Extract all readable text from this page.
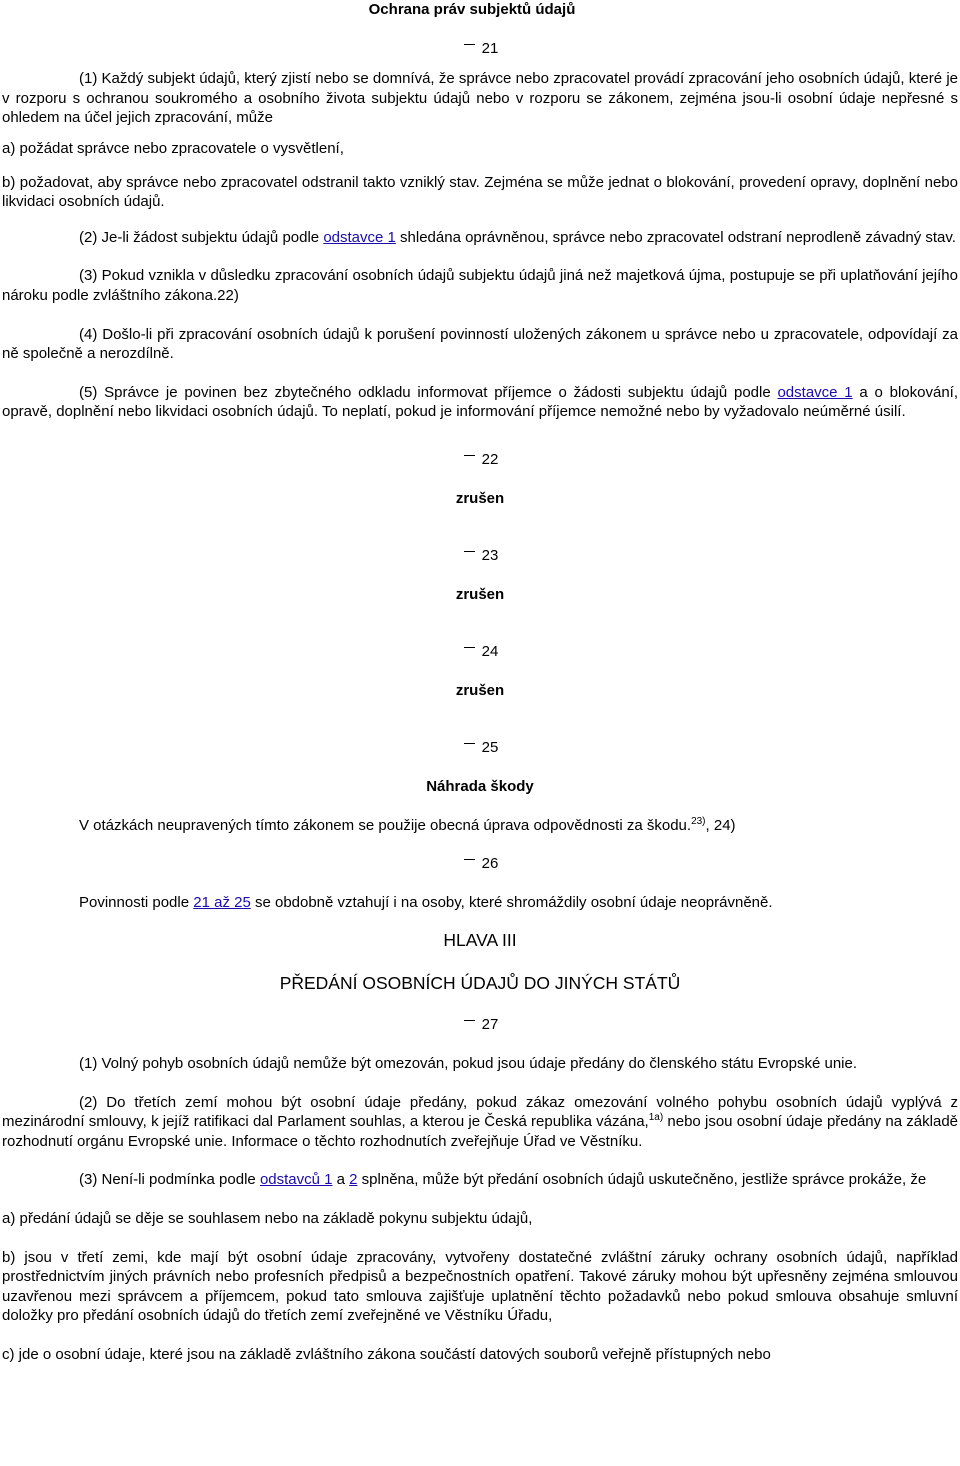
Ochrana práv subjektů údajů

21

(1) Každý subjekt údajů, který zjistí nebo se domnívá, že správce nebo zpracovatel provádí zpracování jeho osobních údajů, které je v rozporu s ochranou soukromého a osobního života subjektu údajů nebo v rozporu se zákonem, zejména jsou-li osobní údaje nepřesné s ohledem na účel jejich zpracování, může

a) požádat správce nebo zpracovatele o vysvětlení,

b) požadovat, aby správce nebo zpracovatel odstranil takto vzniklý stav. Zejména se může jednat o blokování, provedení opravy, doplnění nebo likvidaci osobních údajů.

(2) Je-li žádost subjektu údajů podle odstavce 1 shledána oprávněnou, správce nebo zpracovatel odstraní neprodleně závadný stav.

(3) Pokud vznikla v důsledku zpracování osobních údajů subjektu údajů jiná než majetková újma, postupuje se při uplatňování jejího nároku podle zvláštního zákona.22)

(4) Došlo-li při zpracování osobních údajů k porušení povinností uložených zákonem u správce nebo u zpracovatele, odpovídají za ně společně a nerozdílně.

(5) Správce je povinen bez zbytečného odkladu informovat příjemce o žádosti subjektu údajů podle odstavce 1 a o blokování, opravě, doplnění nebo likvidaci osobních údajů. To neplatí, pokud je informování příjemce nemožné nebo by vyžadovalo neúměrné úsilí.

22

zrušen

23

zrušen

24

zrušen

25

Náhrada škody

V otázkách neupravených tímto zákonem se použije obecná úprava odpovědnosti za škodu.$^{23)}$, 24)

26

Povinnosti podle 21 až 25 se obdobně vztahují i na osoby, které shromáždily osobní údaje neoprávněně.

HLAVA III

PŘEDÁNÍ OSOBNÍCH ÚDAJŮ DO JINÝCH STÁTŮ

27

(1) Volný pohyb osobních údajů nemůže být omezován, pokud jsou údaje předány do členského státu Evropské unie.

(2) Do třetích zemí mohou být osobní údaje předány, pokud zákaz omezování volného pohybu osobních údajů vyplývá z mezinárodní smlouvy, k jejíž ratifikaci dal Parlament souhlas, a kterou je Česká republika vázána,$^{1a)}$ nebo jsou osobní údaje předány na základě rozhodnutí orgánu Evropské unie. Informace o těchto rozhodnutích zveřejňuje Úřad ve Věstníku.

(3) Není-li podmínka podle odstavců 1 a 2 splněna, může být předání osobních údajů uskutečněno, jestliže správce prokáže, že

a) předání údajů se děje se souhlasem nebo na základě pokynu subjektu údajů,

b) jsou v třetí zemi, kde mají být osobní údaje zpracovány, vytvořeny dostatečné zvláštní záruky ochrany osobních údajů, například prostřednictvím jiných právních nebo profesních předpisů a bezpečnostních opatření. Takové záruky mohou být upřesněny zejména smlouvou uzavřenou mezi správcem a příjemcem, pokud tato smlouva zajišťuje uplatnění těchto požadavků nebo pokud smlouva obsahuje smluvní doložky pro předání osobních údajů do třetích zemí zveřejněné ve Věstníku Úřadu,

c) jde o osobní údaje, které jsou na základě zvláštního zákona součástí datových souborů veřejně přístupných nebo
